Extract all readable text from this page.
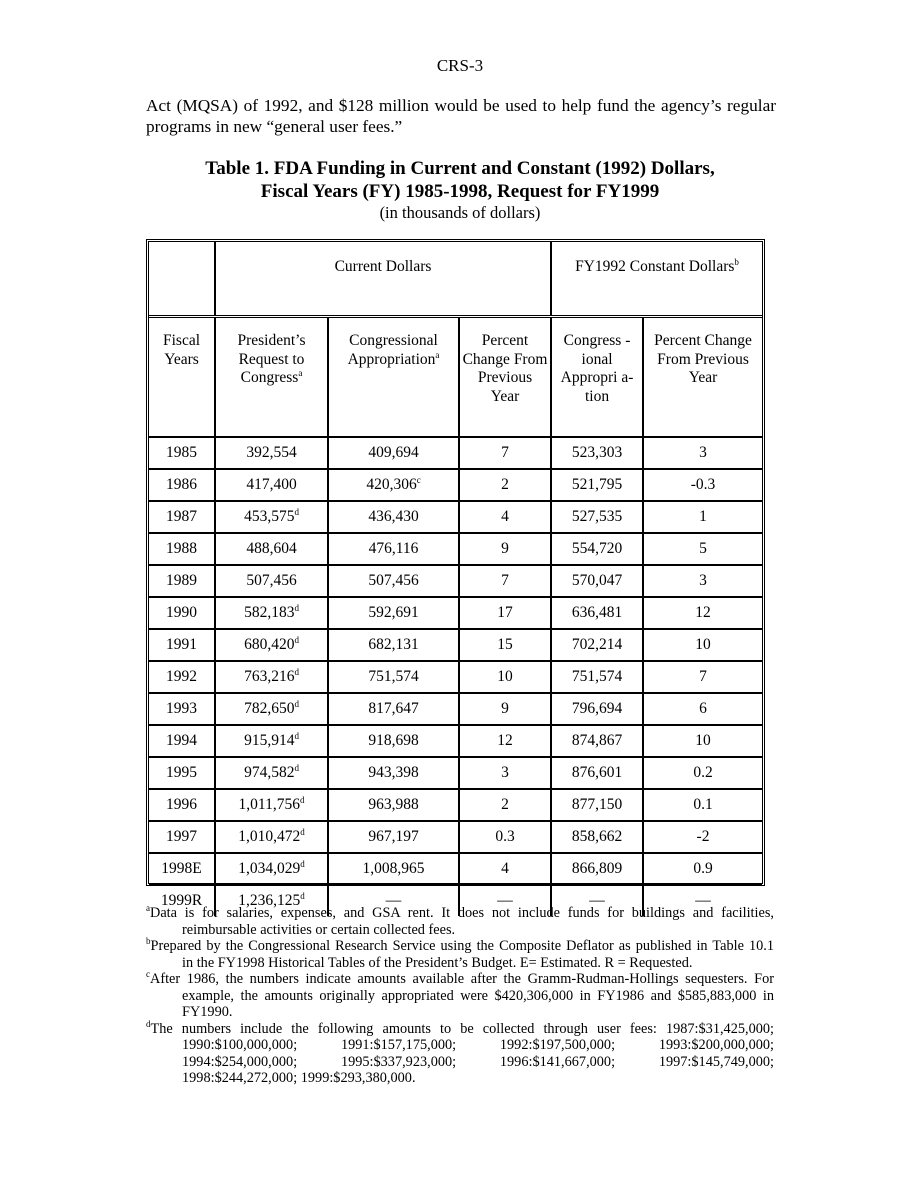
CRS-3
Act (MQSA) of 1992, and $128 million would be used to help fund the agency’s regular
programs in new “general user fees.”
Table 1. FDA Funding in Current and Constant (1992) Dollars,
Fiscal Years (FY) 1985-1998, Request for FY1999
(in thousands of dollars)
	Current Dollars			FY1992 Constant Dollars$^b$
Fiscal Years	President’s Request to Congress$^a$	Congressional Appropriation$^a$	Percent Change From Previous Year	Congress -ional Appropri a-tion	Percent Change From Previous Year
1985	392,554	409,694	7	523,303	3
1986	417,400	420,306$^c$	2	521,795	-0.3
1987	453,575$^d$	436,430	4	527,535	1
1988	488,604	476,116	9	554,720	5
1989	507,456	507,456	7	570,047	3
1990	582,183$^d$	592,691	17	636,481	12
1991	680,420$^d$	682,131	15	702,214	10
1992	763,216$^d$	751,574	10	751,574	7
1993	782,650$^d$	817,647	9	796,694	6
1994	915,914$^d$	918,698	12	874,867	10
1995	974,582$^d$	943,398	3	876,601	0.2
1996	1,011,756$^d$	963,988	2	877,150	0.1
1997	1,010,472$^d$	967,197	0.3	858,662	-2
1998E	1,034,029$^d$	1,008,965	4	866,809	0.9
1999R	1,236,125$^d$	—	—	—	—

$^a$Data is for salaries, expenses, and GSA rent. It does not include funds for buildings and facilities,
reimbursable activities or certain collected fees.

$^b$Prepared by the Congressional Research Service using the Composite Deflator as published in Table 10.1
in the FY1998 Historical Tables of the President’s Budget. E= Estimated. R = Requested.

$^c$After 1986, the numbers indicate amounts available after the Gramm-Rudman-Hollings sequesters. For
example, the amounts originally appropriated were $420,306,000 in FY1986 and $585,883,000 in
FY1990.

$^d$The numbers include the following amounts to be collected through user fees: 1987:$31,425,000;
1990:$100,000,000; 1991:$157,175,000; 1992:$197,500,000; 1993:$200,000,000;
1994:$254,000,000; 1995:$337,923,000; 1996:$141,667,000; 1997:$145,749,000;
1998:$244,272,000; 1999:$293,380,000.
